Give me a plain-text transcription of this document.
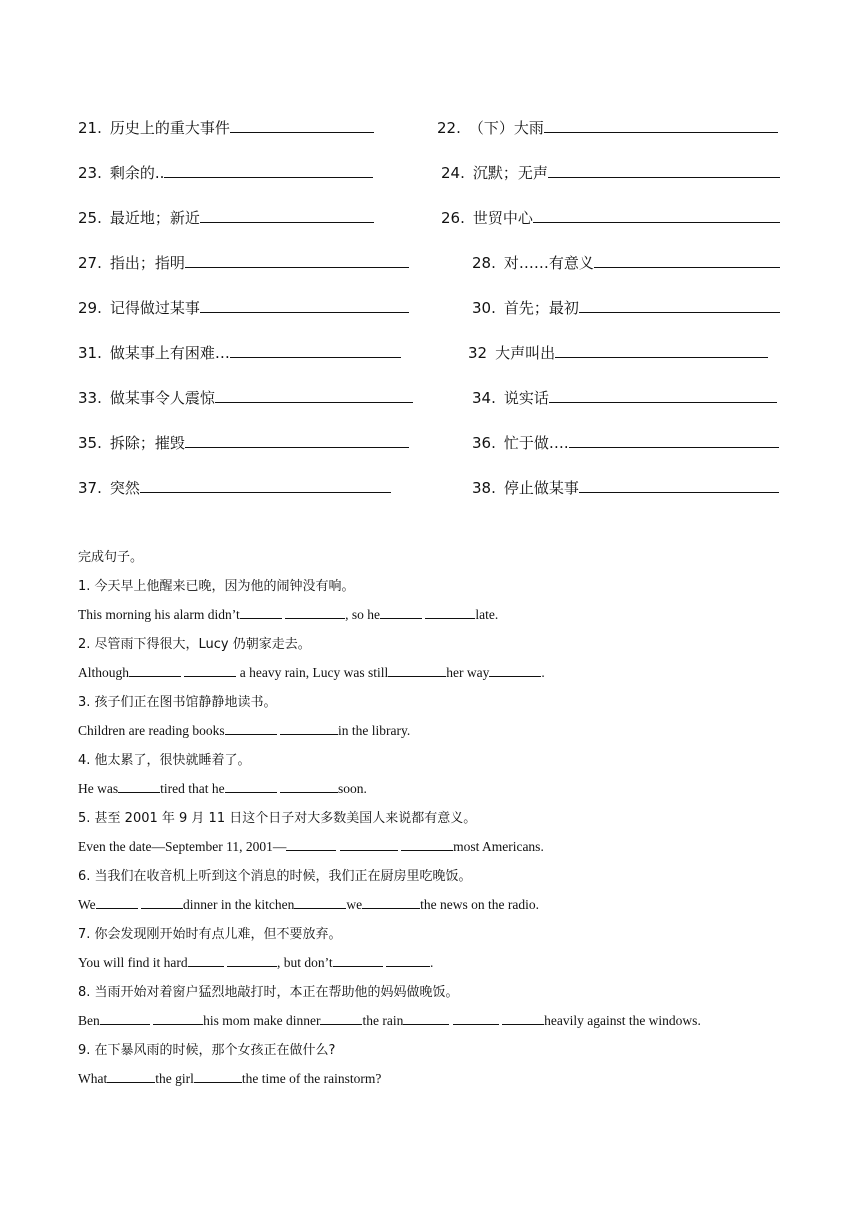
21. 历史上的重大事件	22. （下）大雨
23. 剩余的..	24. 沉默；无声
25. 最近地；新近	26. 世贸中心
27. 指出；指明	28. 对……有意义
29. 记得做过某事	30. 首先；最初
31. 做某事上有困难…	32 大声叫出
33. 做某事令人震惊	34. 说实话
35. 拆除；摧毁	36. 忙于做….
37. 突然	38. 停止做某事
完成句子。
1. 今天早上他醒来已晚，因为他的闹钟没有响。
This morning his alarm didn’t	, so he	late.
2. 尽管雨下得很大，Lucy 仍朝家走去。
Although	a heavy rain, Lucy was still	her way	.
3. 孩子们正在图书馆静静地读书。
Children are reading books	in the library.
4. 他太累了，很快就睡着了。
He was	tired that he	soon.
5. 甚至 2001 年 9 月 11 日这个日子对大多数美国人来说都有意义。
Even the date—September 11, 2001—	most Americans.
6. 当我们在收音机上听到这个消息的时候，我们正在厨房里吃晚饭。
We	dinner in the kitchen	we	the news on the radio.
7. 你会发现刚开始时有点儿难，但不要放弃。
You will find it hard	, but don’t	.
8. 当雨开始对着窗户猛烈地敲打时，本正在帮助他的妈妈做晚饭。
Ben	his mom make dinner	the rain	heavily against the windows.
9. 在下暴风雨的时候，那个女孩正在做什么?
What	the girl	the time of the rainstorm?
